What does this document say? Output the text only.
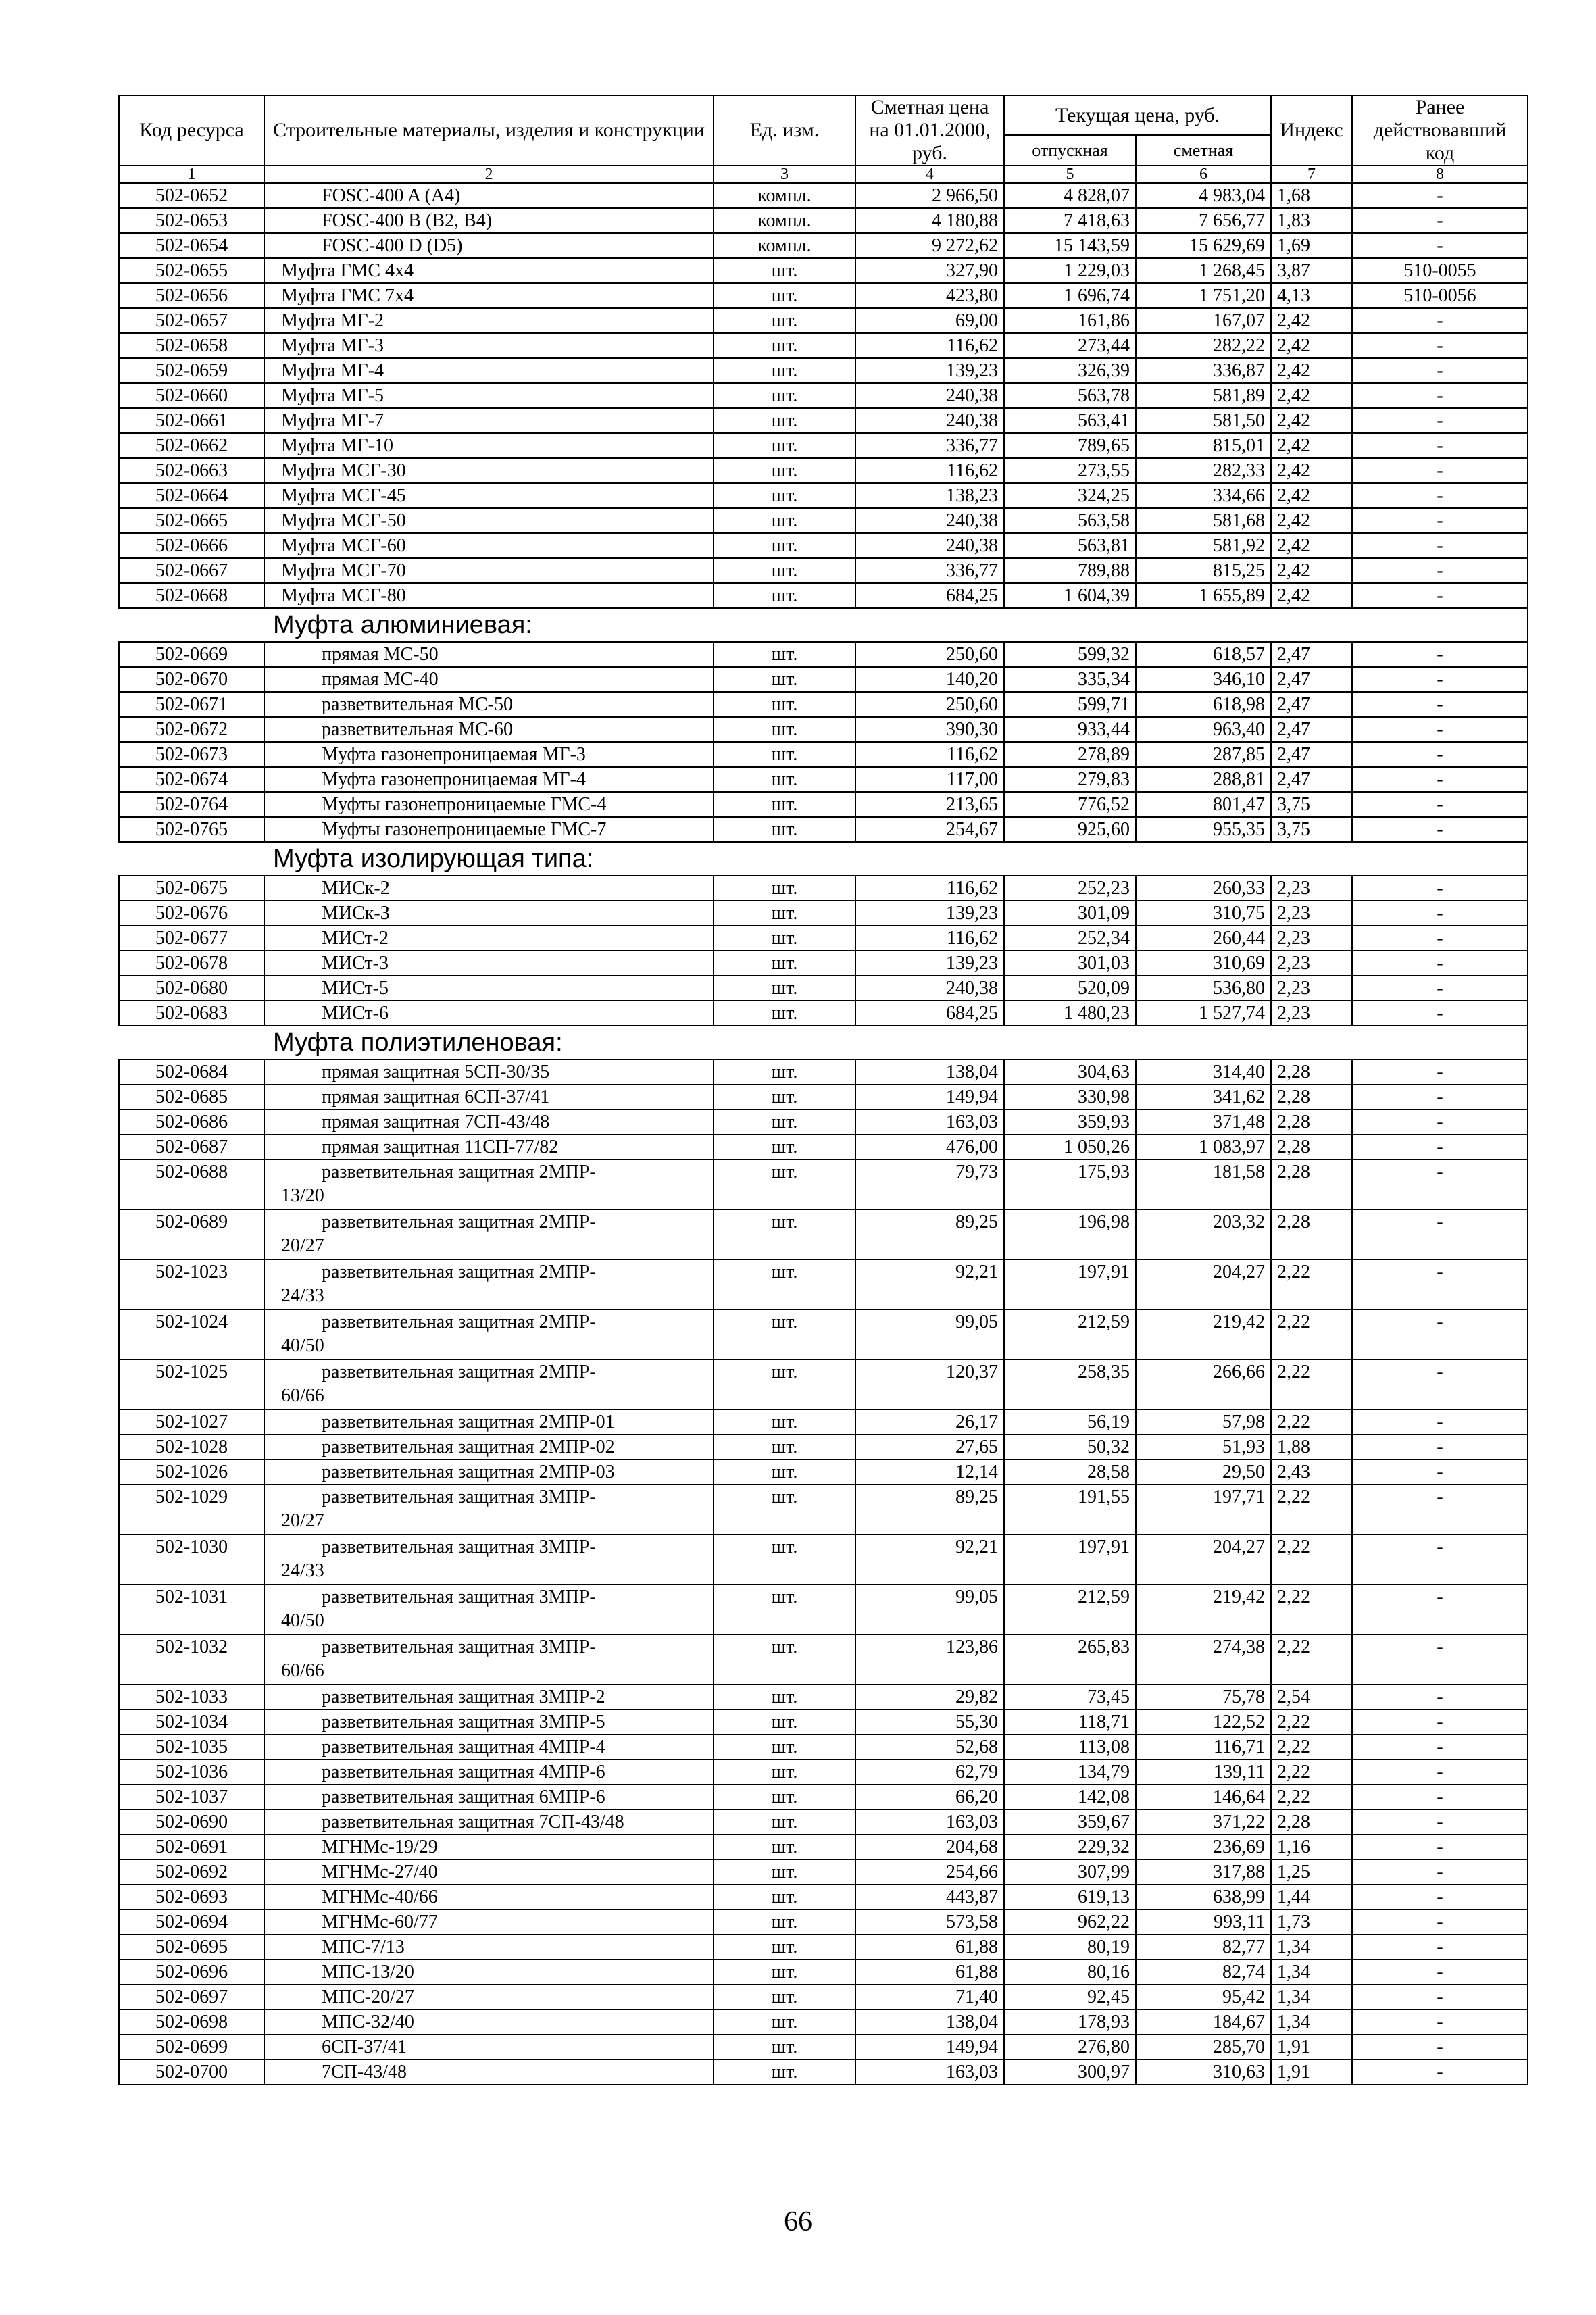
Код ресурса	Строительные материалы, изделия и конструкции	Ед. изм.	Сметная цена на 01.01.2000, руб.	Текущая цена, руб.		Индекс	Ранее действовавший код
				отпускная	сметная		
1	2	3	4	5	6	7	8
502-0652	FOSC-400 A (A4)	компл.	2 966,50	4 828,07	4 983,04	1,68	-
502-0653	FOSC-400 B (B2, B4)	компл.	4 180,88	7 418,63	7 656,77	1,83	-
502-0654	FOSC-400 D (D5)	компл.	9 272,62	15 143,59	15 629,69	1,69	-
502-0655	Муфта ГМС 4х4	шт.	327,90	1 229,03	1 268,45	3,87	510-0055
502-0656	Муфта ГМС 7х4	шт.	423,80	1 696,74	1 751,20	4,13	510-0056
502-0657	Муфта МГ-2	шт.	69,00	161,86	167,07	2,42	-
502-0658	Муфта МГ-3	шт.	116,62	273,44	282,22	2,42	-
502-0659	Муфта МГ-4	шт.	139,23	326,39	336,87	2,42	-
502-0660	Муфта МГ-5	шт.	240,38	563,78	581,89	2,42	-
502-0661	Муфта МГ-7	шт.	240,38	563,41	581,50	2,42	-
502-0662	Муфта МГ-10	шт.	336,77	789,65	815,01	2,42	-
502-0663	Муфта МСГ-30	шт.	116,62	273,55	282,33	2,42	-
502-0664	Муфта МСГ-45	шт.	138,23	324,25	334,66	2,42	-
502-0665	Муфта МСГ-50	шт.	240,38	563,58	581,68	2,42	-
502-0666	Муфта МСГ-60	шт.	240,38	563,81	581,92	2,42	-
502-0667	Муфта МСГ-70	шт.	336,77	789,88	815,25	2,42	-
502-0668	Муфта МСГ-80	шт.	684,25	1 604,39	1 655,89	2,42	-
Муфта алюминиевая:							
502-0669	прямая МС-50	шт.	250,60	599,32	618,57	2,47	-
502-0670	прямая МС-40	шт.	140,20	335,34	346,10	2,47	-
502-0671	разветвительная МС-50	шт.	250,60	599,71	618,98	2,47	-
502-0672	разветвительная МС-60	шт.	390,30	933,44	963,40	2,47	-
502-0673	Муфта газонепроницаемая МГ-3	шт.	116,62	278,89	287,85	2,47	-
502-0674	Муфта газонепроницаемая МГ-4	шт.	117,00	279,83	288,81	2,47	-
502-0764	Муфты газонепроницаемые ГМС-4	шт.	213,65	776,52	801,47	3,75	-
502-0765	Муфты газонепроницаемые ГМС-7	шт.	254,67	925,60	955,35	3,75	-
Муфта изолирующая типа:							
502-0675	МИСк-2	шт.	116,62	252,23	260,33	2,23	-
502-0676	МИСк-3	шт.	139,23	301,09	310,75	2,23	-
502-0677	МИСт-2	шт.	116,62	252,34	260,44	2,23	-
502-0678	МИСт-3	шт.	139,23	301,03	310,69	2,23	-
502-0680	МИСт-5	шт.	240,38	520,09	536,80	2,23	-
502-0683	МИСт-6	шт.	684,25	1 480,23	1 527,74	2,23	-
Муфта полиэтиленовая:							
502-0684	прямая защитная 5СП-30/35	шт.	138,04	304,63	314,40	2,28	-
502-0685	прямая защитная 6СП-37/41	шт.	149,94	330,98	341,62	2,28	-
502-0686	прямая защитная 7СП-43/48	шт.	163,03	359,93	371,48	2,28	-
502-0687	прямая защитная 11СП-77/82	шт.	476,00	1 050,26	1 083,97	2,28	-
502-0688	разветвительная защитная 2МПР-
13/20	шт.	79,73	175,93	181,58	2,28	-
502-0689	разветвительная защитная 2МПР-
20/27	шт.	89,25	196,98	203,32	2,28	-
502-1023	разветвительная защитная 2МПР-
24/33	шт.	92,21	197,91	204,27	2,22	-
502-1024	разветвительная защитная 2МПР-
40/50	шт.	99,05	212,59	219,42	2,22	-
502-1025	разветвительная защитная 2МПР-
60/66	шт.	120,37	258,35	266,66	2,22	-
502-1027	разветвительная защитная 2МПР-01	шт.	26,17	56,19	57,98	2,22	-
502-1028	разветвительная защитная 2МПР-02	шт.	27,65	50,32	51,93	1,88	-
502-1026	разветвительная защитная 2МПР-03	шт.	12,14	28,58	29,50	2,43	-
502-1029	разветвительная защитная 3МПР-
20/27	шт.	89,25	191,55	197,71	2,22	-
502-1030	разветвительная защитная 3МПР-
24/33	шт.	92,21	197,91	204,27	2,22	-
502-1031	разветвительная защитная 3МПР-
40/50	шт.	99,05	212,59	219,42	2,22	-
502-1032	разветвительная защитная 3МПР-
60/66	шт.	123,86	265,83	274,38	2,22	-
502-1033	разветвительная защитная 3МПР-2	шт.	29,82	73,45	75,78	2,54	-
502-1034	разветвительная защитная 3МПР-5	шт.	55,30	118,71	122,52	2,22	-
502-1035	разветвительная защитная 4МПР-4	шт.	52,68	113,08	116,71	2,22	-
502-1036	разветвительная защитная 4МПР-6	шт.	62,79	134,79	139,11	2,22	-
502-1037	разветвительная защитная 6МПР-6	шт.	66,20	142,08	146,64	2,22	-
502-0690	разветвительная защитная 7СП-43/48	шт.	163,03	359,67	371,22	2,28	-
502-0691	МГНМс-19/29	шт.	204,68	229,32	236,69	1,16	-
502-0692	МГНМс-27/40	шт.	254,66	307,99	317,88	1,25	-
502-0693	МГНМс-40/66	шт.	443,87	619,13	638,99	1,44	-
502-0694	МГНМс-60/77	шт.	573,58	962,22	993,11	1,73	-
502-0695	МПС-7/13	шт.	61,88	80,19	82,77	1,34	-
502-0696	МПС-13/20	шт.	61,88	80,16	82,74	1,34	-
502-0697	МПС-20/27	шт.	71,40	92,45	95,42	1,34	-
502-0698	МПС-32/40	шт.	138,04	178,93	184,67	1,34	-
502-0699	6СП-37/41	шт.	149,94	276,80	285,70	1,91	-
502-0700	7СП-43/48	шт.	163,03	300,97	310,63	1,91	-
66
